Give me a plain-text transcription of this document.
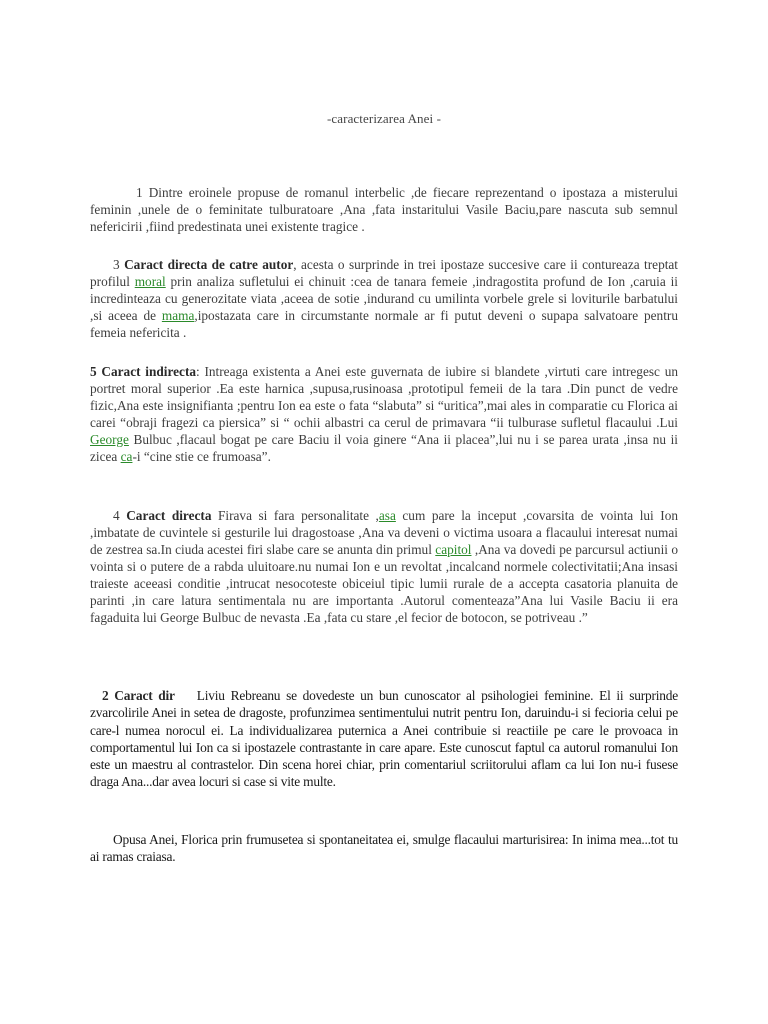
-caracterizarea Anei -
1 Dintre eroinele propuse de romanul interbelic ,de fiecare reprezentand o ipostaza a misterului feminin ,unele de o feminitate tulburatoare ,Ana ,fata instaritului Vasile Baciu,pare nascuta sub semnul nefericirii ,fiind predestinata unei existente tragice .
3 Caract directa de catre autor, acesta o surprinde in trei ipostaze succesive care ii contureaza treptat profilul moral prin analiza sufletului ei chinuit :cea de tanara femeie ,indragostita profund de Ion ,caruia ii incredinteaza cu generozitate viata ,aceea de sotie ,indurand cu umilinta vorbele grele si loviturile barbatului ,si aceea de mama,ipostazata care in circumstante normale ar fi putut deveni o supapa salvatoare pentru femeia nefericita .
5 Caract indirecta: Intreaga existenta a Anei este guvernata de iubire si blandete ,virtuti care intregesc un portret moral superior .Ea este harnica ,supusa,rusinoasa ,prototipul femeii de la tara .Din punct de vedre fizic,Ana este insignifianta ;pentru Ion ea este o fata “slabuta” si “uritica”,mai ales in comparatie cu Florica ai carei “obraji fragezi ca piersica” si “ ochii albastri ca cerul de primavara “ii tulburase sufletul flacaului .Lui George Bulbuc ,flacaul bogat pe care Baciu il voia ginere “Ana ii placea”,lui nu i se parea urata ,insa nu ii zicea ca-i “cine stie ce frumoasa”.
4 Caract directa Firava si fara personalitate ,asa cum pare la inceput ,covarsita de vointa lui Ion ,imbatate de cuvintele si gesturile lui dragostoase ,Ana va deveni o victima usoara a flacaului interesat numai de zestrea sa.In ciuda acestei firi slabe care se anunta din primul capitol ,Ana va dovedi pe parcursul actiunii o vointa si o putere de a rabda uluitoare.nu numai Ion e un revoltat ,incalcand normele colectivitatii;Ana insasi traieste aceeasi conditie ,intrucat nesocoteste obiceiul tipic lumii rurale de a accepta casatoria planuita de parinti ,in care latura sentimentala nu are importanta .Autorul comenteaza”Ana lui Vasile Baciu ii era fagaduita lui George Bulbuc de nevasta .Ea ,fata cu stare ,el fecior de botocon, se potriveau .”
2 Caract dir Liviu Rebreanu se dovedeste un bun cunoscator al psihologiei feminine. El ii surprinde zvarcolirile Anei in setea de dragoste, profunzimea sentimentului nutrit pentru Ion, daruindu-i si fecioria celui pe care-l numea norocul ei. La individualizarea puternica a Anei contribuie si reactiile pe care le provoaca in comportamentul lui Ion ca si ipostazele contrastante in care apare. Este cunoscut faptul ca autorul romanului Ion este un maestru al contrastelor. Din scena horei chiar, prin comentariul scriitorului aflam ca lui Ion nu-i fusese draga Ana...dar avea locuri si case si vite multe.
Opusa Anei, Florica prin frumusetea si spontaneitatea ei, smulge flacaului marturisirea: In inima mea...tot tu ai ramas craiasa.
